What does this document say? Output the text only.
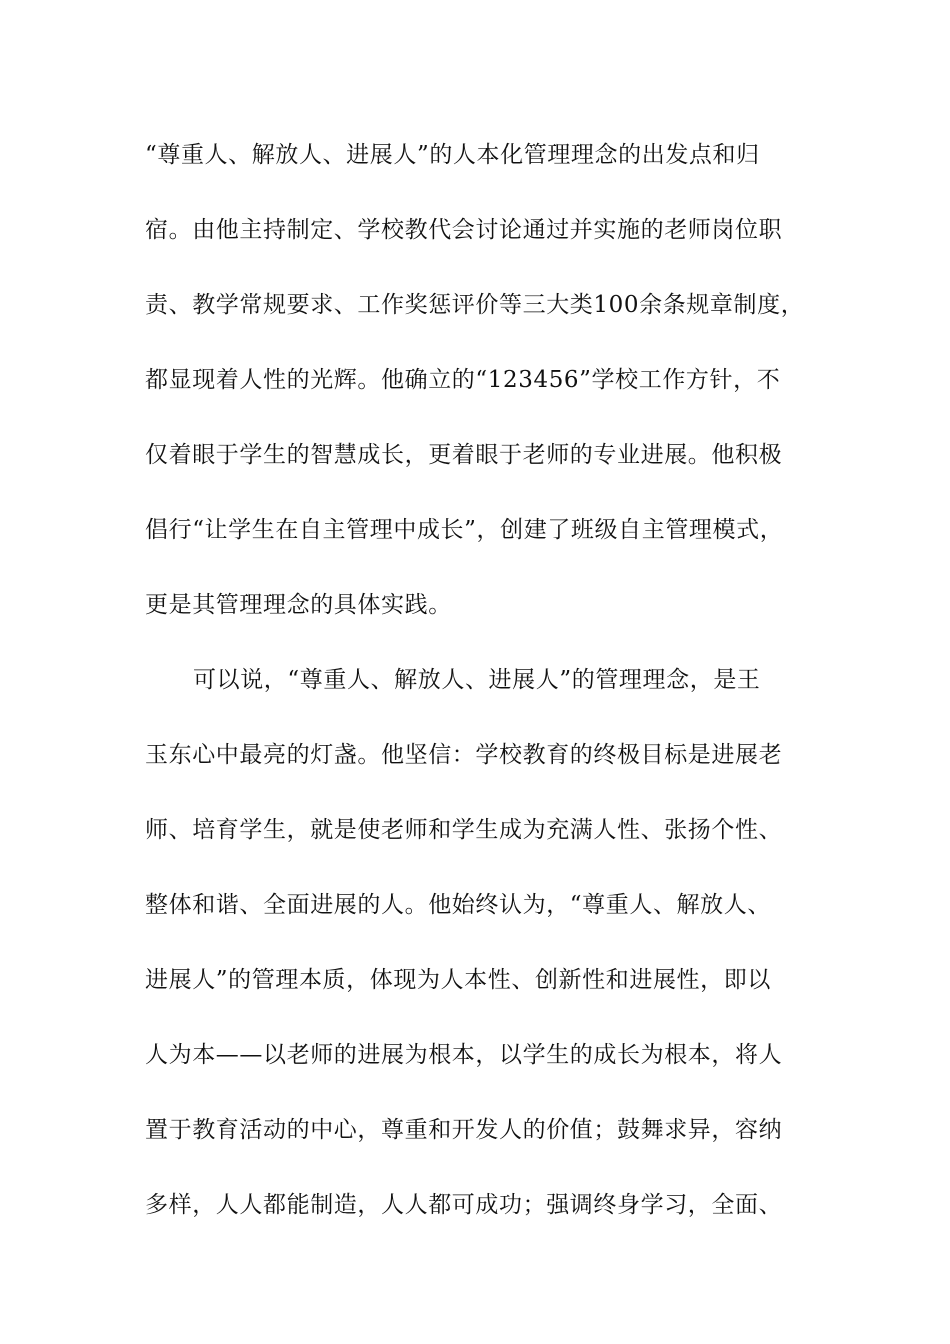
“尊重人、解放人、进展人”的人本化管理理念的出发点和归
宿。由他主持制定、学校教代会讨论通过并实施的老师岗位职
责、教学常规要求、工作奖惩评价等三大类100余条规章制度，
都显现着人性的光辉。他确立的“123456”学校工作方针，不
仅着眼于学生的智慧成长，更着眼于老师的专业进展。他积极
倡行“让学生在自主管理中成长”，创建了班级自主管理模式，
更是其管理理念的具体实践。
可以说，“尊重人、解放人、进展人”的管理理念，是王
玉东心中最亮的灯盏。他坚信：学校教育的终极目标是进展老
师、培育学生，就是使老师和学生成为充满人性、张扬个性、
整体和谐、全面进展的人。他始终认为，“尊重人、解放人、
进展人”的管理本质，体现为人本性、创新性和进展性，即以
人为本——以老师的进展为根本，以学生的成长为根本，将人
置于教育活动的中心，尊重和开发人的价值；鼓舞求异，容纳
多样，人人都能制造，人人都可成功；强调终身学习，全面、
